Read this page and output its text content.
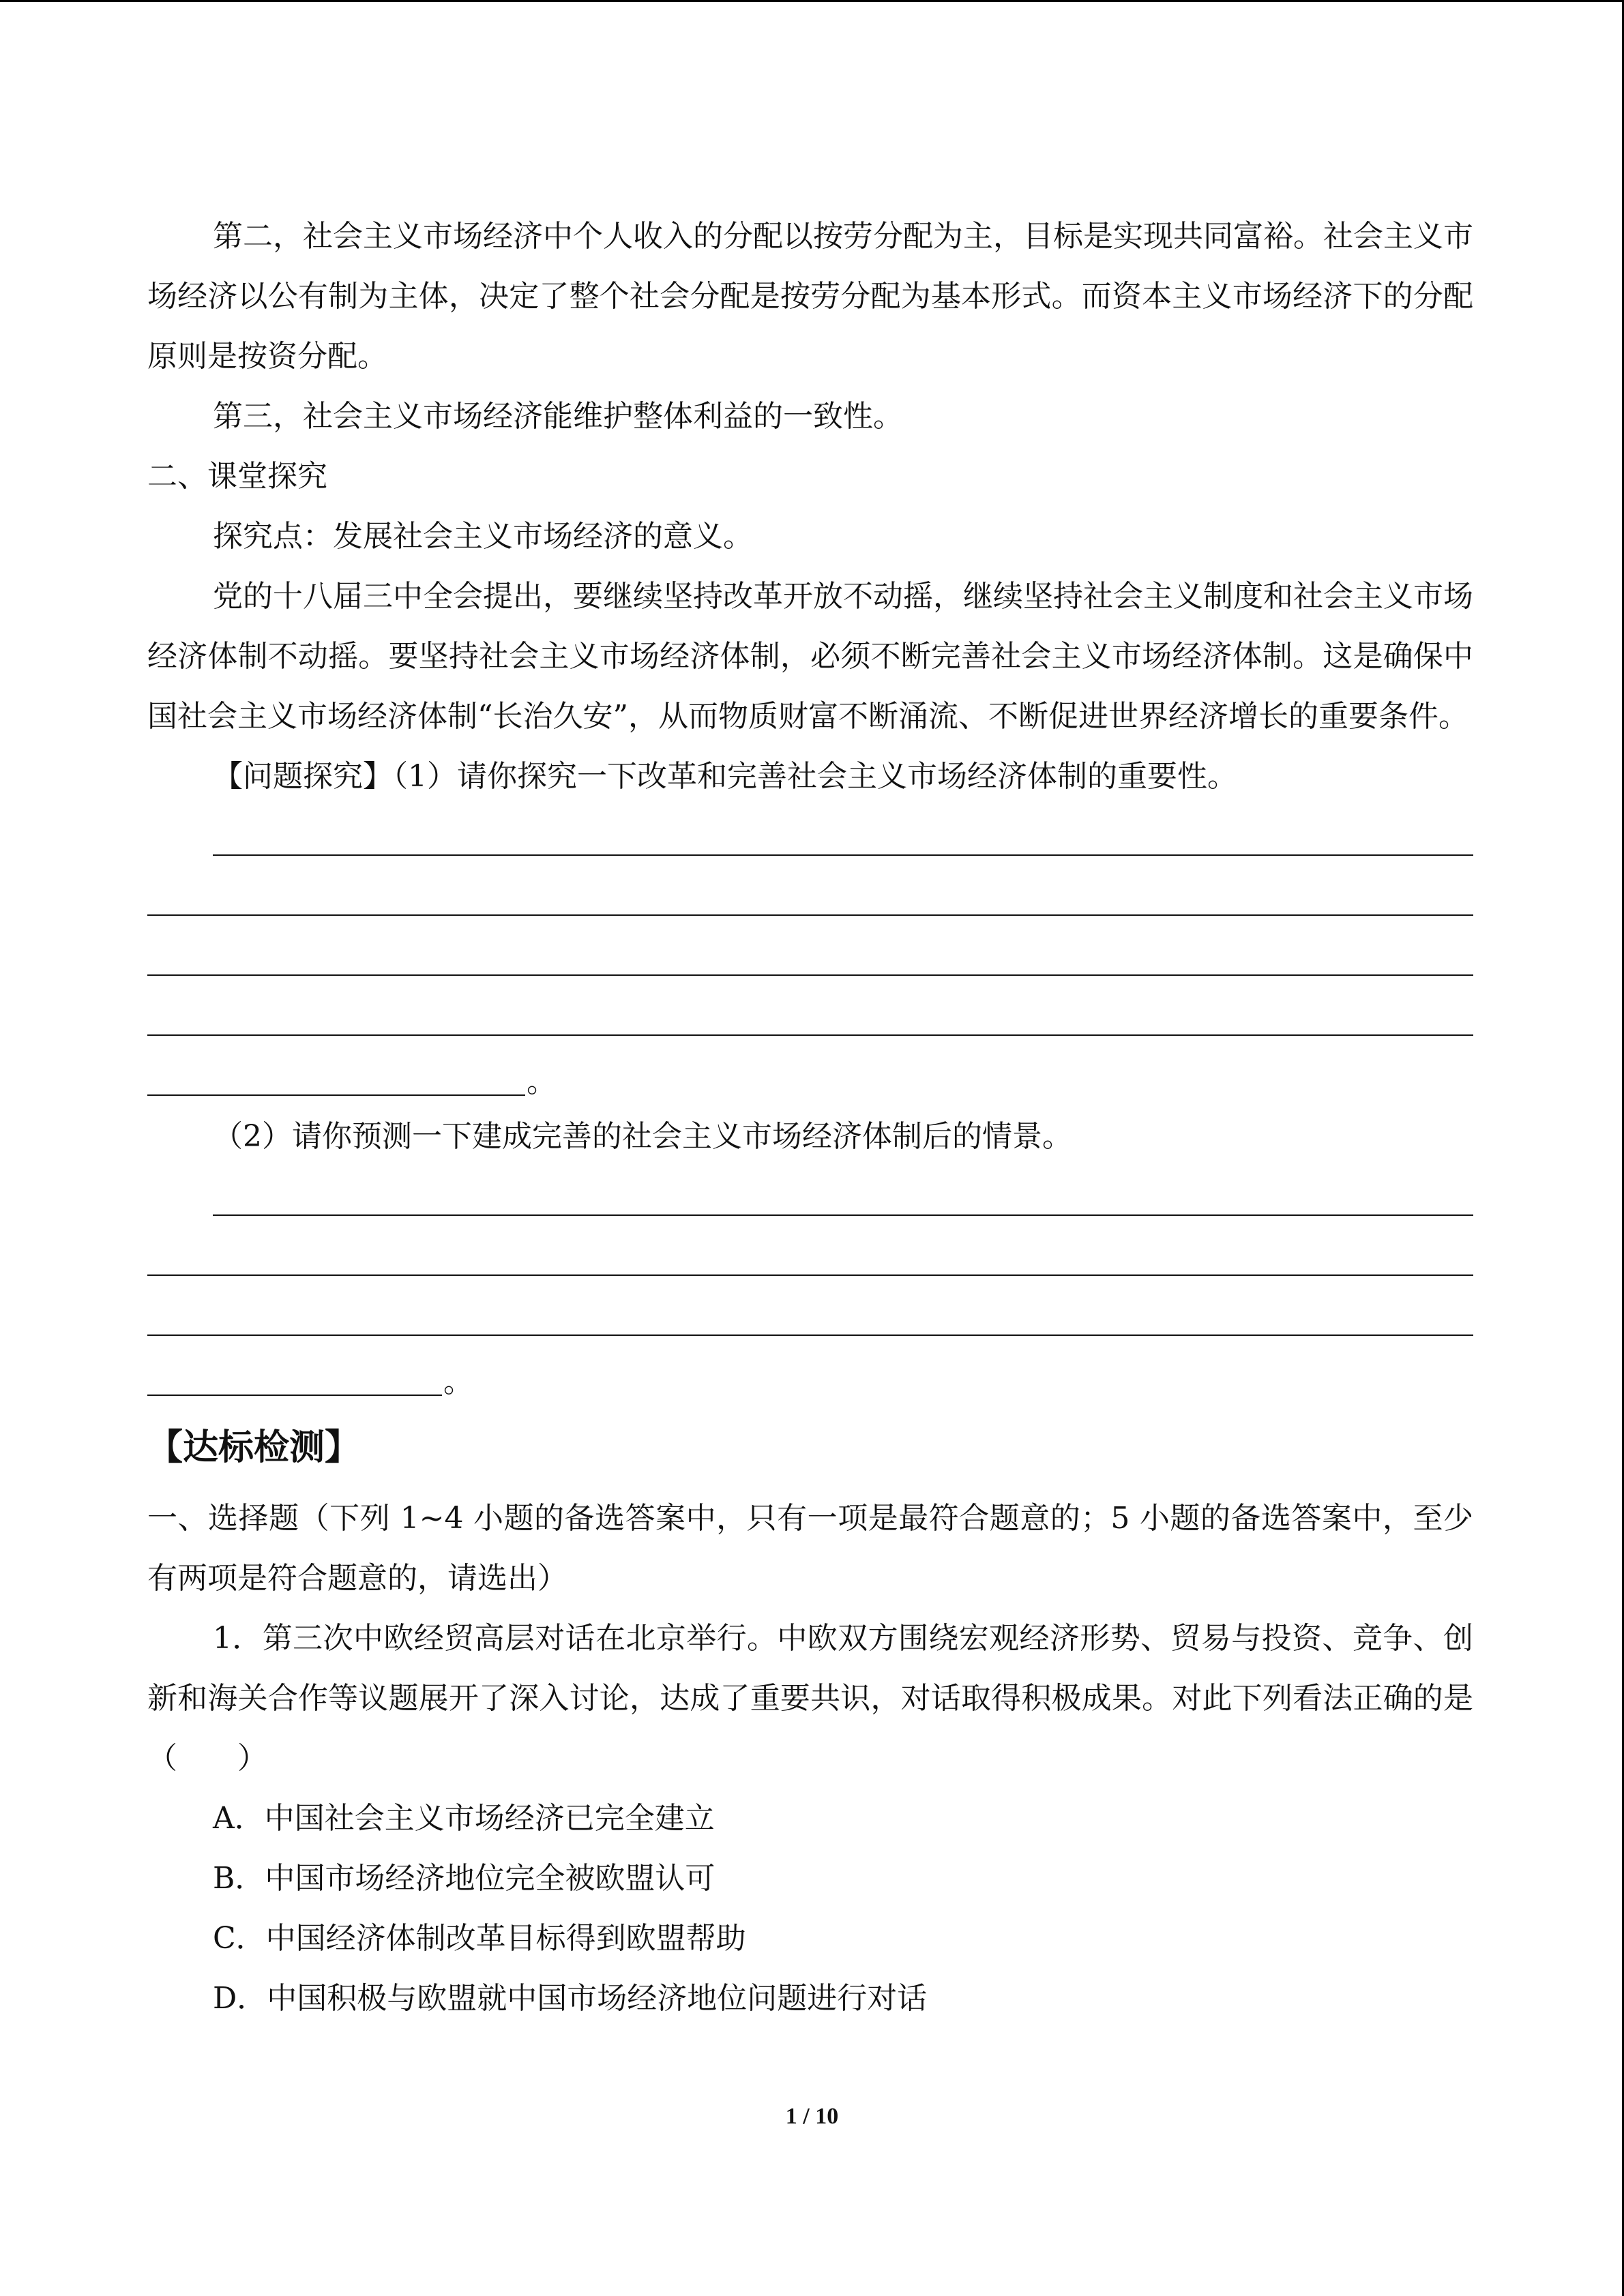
第二，社会主义市场经济中个人收入的分配以按劳分配为主，目标是实现共同富裕。社会主义市场经济以公有制为主体，决定了整个社会分配是按劳分配为基本形式。而资本主义市场经济下的分配原则是按资分配。

第三，社会主义市场经济能维护整体利益的一致性。

二、课堂探究

探究点：发展社会主义市场经济的意义。

党的十八届三中全会提出，要继续坚持改革开放不动摇，继续坚持社会主义制度和社会主义市场经济体制不动摇。要坚持社会主义市场经济体制，必须不断完善社会主义市场经济体制。这是确保中国社会主义市场经济体制“长治久安”，从而物质财富不断涌流、不断促进世界经济增长的重要条件。

【问题探究】（1）请你探究一下改革和完善社会主义市场经济体制的重要性。

。

（2）请你预测一下建成完善的社会主义市场经济体制后的情景。

。

【达标检测】

一、选择题（下列 1~4 小题的备选答案中，只有一项是最符合题意的；5 小题的备选答案中，至少有两项是符合题意的，请选出）

1．第三次中欧经贸高层对话在北京举行。中欧双方围绕宏观经济形势、贸易与投资、竞争、创新和海关合作等议题展开了深入讨论，达成了重要共识，对话取得积极成果。对此下列看法正确的是（　　）

A．中国社会主义市场经济已完全建立

B．中国市场经济地位完全被欧盟认可

C．中国经济体制改革目标得到欧盟帮助

D．中国积极与欧盟就中国市场经济地位问题进行对话

1 / 10
